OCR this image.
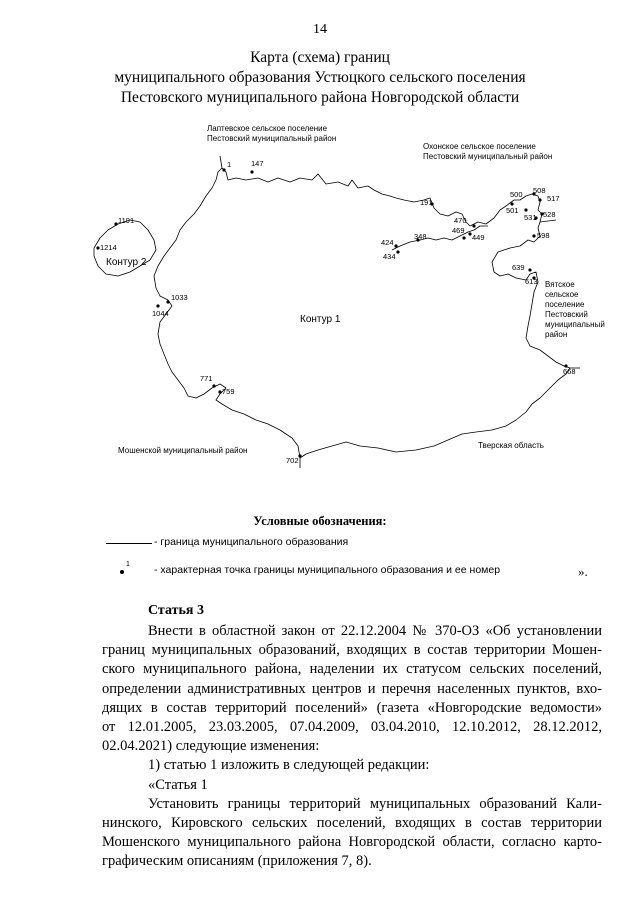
14
Карта (схема) границ
муниципального образования Устюцкого сельского поселения
Пестовского муниципального района Новгородской области
Лаптевское сельское поселение
Пестовский муниципальный район
Охонское сельское поселение
Пестовский муниципальный район
Вятское
сельское
поселение
Пестовский
муниципальный
район
Мошенской муниципальный район
Тверская область
Контур 1
Контур 2
1	147
191
500 508
517
501
531 528
598
470
469
449
348
424
434
639
613
668
702
759
771
1033
1044
1191
1214
Условные обозначения:
- граница муниципального образования
1 - характерная точка границы муниципального образования и ее номер	».
Статья 3
Внести в областной закон от 22.12.2004 № 370-ОЗ «Об установлении
границ муниципальных образований, входящих в состав территории Мошен-
ского муниципального района, наделении их статусом сельских поселений,
определении административных центров и перечня населенных пунктов, вхо-
дящих в состав территорий поселений» (газета «Новгородские ведомости»
от 12.01.2005, 23.03.2005, 07.04.2009, 03.04.2010, 12.10.2012, 28.12.2012,
02.04.2021) следующие изменения:
1) статью 1 изложить в следующей редакции:
«Статья 1
Установить границы территорий муниципальных образований Кали-
нинского, Кировского сельских поселений, входящих в состав территории
Мошенского муниципального района Новгородской области, согласно карто-
графическим описаниям (приложения 7, 8).
